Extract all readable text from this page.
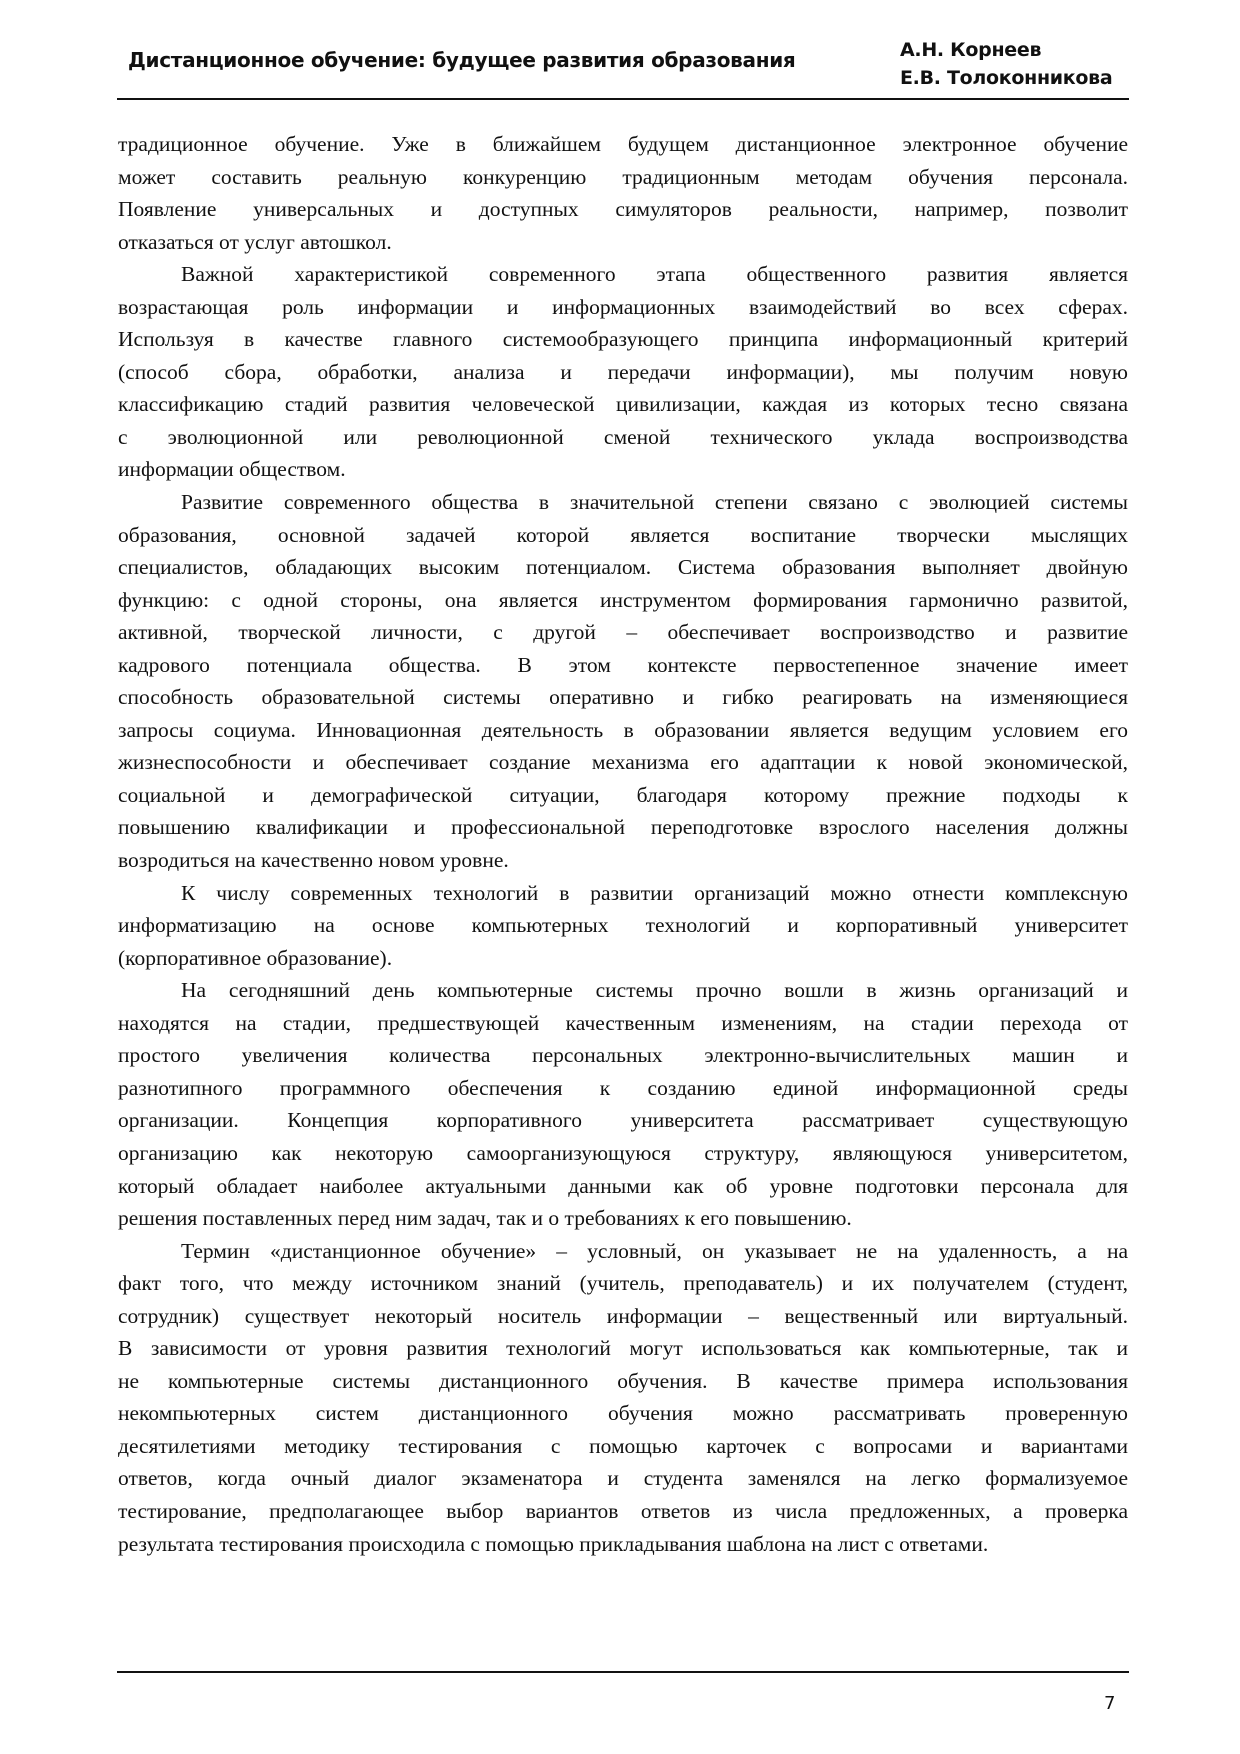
Дистанционное обучение: будущее развития образования	А.Н. Корнеев
Е.В. Толоконникова
традиционное обучение. Уже в ближайшем будущем дистанционное электронное обучение
может составить реальную конкуренцию традиционным методам обучения персонала.
Появление универсальных и доступных симуляторов реальности, например, позволит
отказаться от услуг автошкол.
Важной характеристикой современного этапа общественного развития является
возрастающая роль информации и информационных взаимодействий во всех сферах.
Используя в качестве главного системообразующего принципа информационный критерий
(способ сбора, обработки, анализа и передачи информации), мы получим новую
классификацию стадий развития человеческой цивилизации, каждая из которых тесно связана
с эволюционной или революционной сменой технического уклада воспроизводства
информации обществом.
Развитие современного общества в значительной степени связано с эволюцией системы
образования, основной задачей которой является воспитание творчески мыслящих
специалистов, обладающих высоким потенциалом. Система образования выполняет двойную
функцию: с одной стороны, она является инструментом формирования гармонично развитой,
активной, творческой личности, с другой – обеспечивает воспроизводство и развитие
кадрового потенциала общества. В этом контексте первостепенное значение имеет
способность образовательной системы оперативно и гибко реагировать на изменяющиеся
запросы социума. Инновационная деятельность в образовании является ведущим условием его
жизнеспособности и обеспечивает создание механизма его адаптации к новой экономической,
социальной и демографической ситуации, благодаря которому прежние подходы к
повышению квалификации и профессиональной переподготовке взрослого населения должны
возродиться на качественно новом уровне.
К числу современных технологий в развитии организаций можно отнести комплексную
информатизацию на основе компьютерных технологий и корпоративный университет
(корпоративное образование).
На сегодняшний день компьютерные системы прочно вошли в жизнь организаций и
находятся на стадии, предшествующей качественным изменениям, на стадии перехода от
простого увеличения количества персональных электронно-вычислительных машин и
разнотипного программного обеспечения к созданию единой информационной среды
организации. Концепция корпоративного университета рассматривает существующую
организацию как некоторую самоорганизующуюся структуру, являющуюся университетом,
который обладает наиболее актуальными данными как об уровне подготовки персонала для
решения поставленных перед ним задач, так и о требованиях к его повышению.
Термин «дистанционное обучение» – условный, он указывает не на удаленность, а на
факт того, что между источником знаний (учитель, преподаватель) и их получателем (студент,
сотрудник) существует некоторый носитель информации – вещественный или виртуальный.
В зависимости от уровня развития технологий могут использоваться как компьютерные, так и
не компьютерные системы дистанционного обучения. В качестве примера использования
некомпьютерных систем дистанционного обучения можно рассматривать проверенную
десятилетиями методику тестирования с помощью карточек с вопросами и вариантами
ответов, когда очный диалог экзаменатора и студента заменялся на легко формализуемое
тестирование, предполагающее выбор вариантов ответов из числа предложенных, а проверка
результата тестирования происходила с помощью прикладывания шаблона на лист с ответами.
7
